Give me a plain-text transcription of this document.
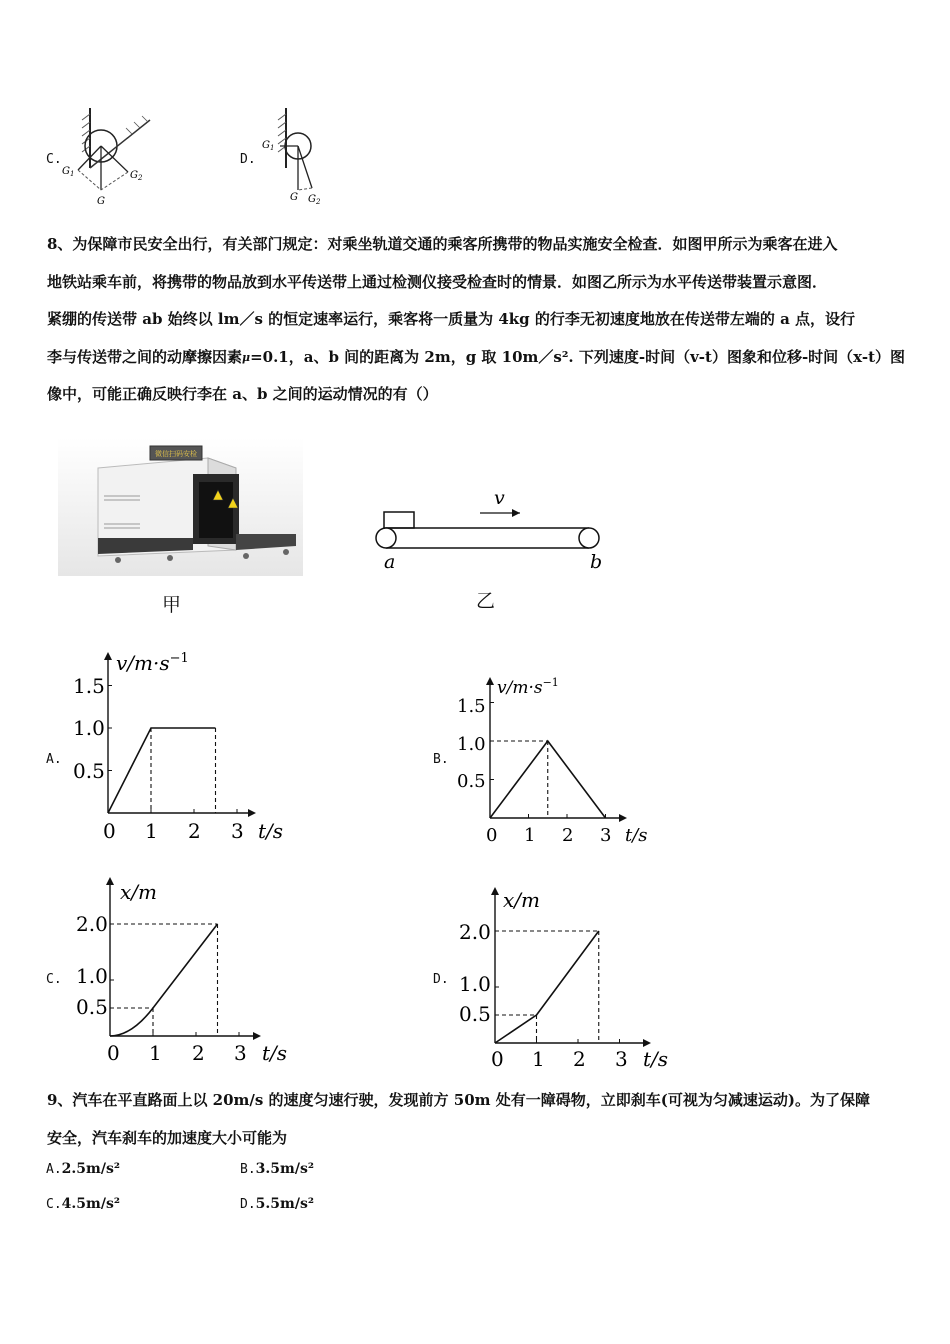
C.
$G_1$	$G_2$
G
D.
$G_1$
G $G_2$
8、为保障市民安全出行，有关部门规定：对乘坐轨道交通的乘客所携带的物品实施安全检查．如图甲所示为乘客在进入
地铁站乘车前，将携带的物品放到水平传送带上通过检测仪接受检查时的情景．如图乙所示为水平传送带装置示意图．
紧绷的传送带 ab 始终以 lm／s 的恒定速率运行，乘客将一质量为 4kg 的行李无初速度地放在传送带左端的 a 点，设行
李与传送带之间的动摩擦因素$^\mu$=0.1，a、b 间的距离为 2m，g 取 10m／s². 下列速度-时间（v-t）图象和位移-时间（x-t）图
像中，可能正确反映行李在 a、b 之间的运动情况的有（）
微信扫码安检
甲
v
a	b
乙
A.	B.
C.	D.
$v/m\cdot s^{-1}$
1.5
1.0
0.5
0 1 2 3 t/s
$v/m\cdot s^{-1}$
1.5
1.0
0.5
0 1 2 3 t/s
x/m
2.0
1.0
0.5
0 1 2 3 t/s
x/m
2.0
1.0
0.5
0 1 2 3 t/s
9、汽车在平直路面上以 20m/s 的速度匀速行驶，发现前方 50m 处有一障碍物，立即刹车(可视为匀减速运动)。为了保障
安全，汽车刹车的加速度大小可能为
A.2.5m/s²	B.3.5m/s²
C.4.5m/s²	D.5.5m/s²
